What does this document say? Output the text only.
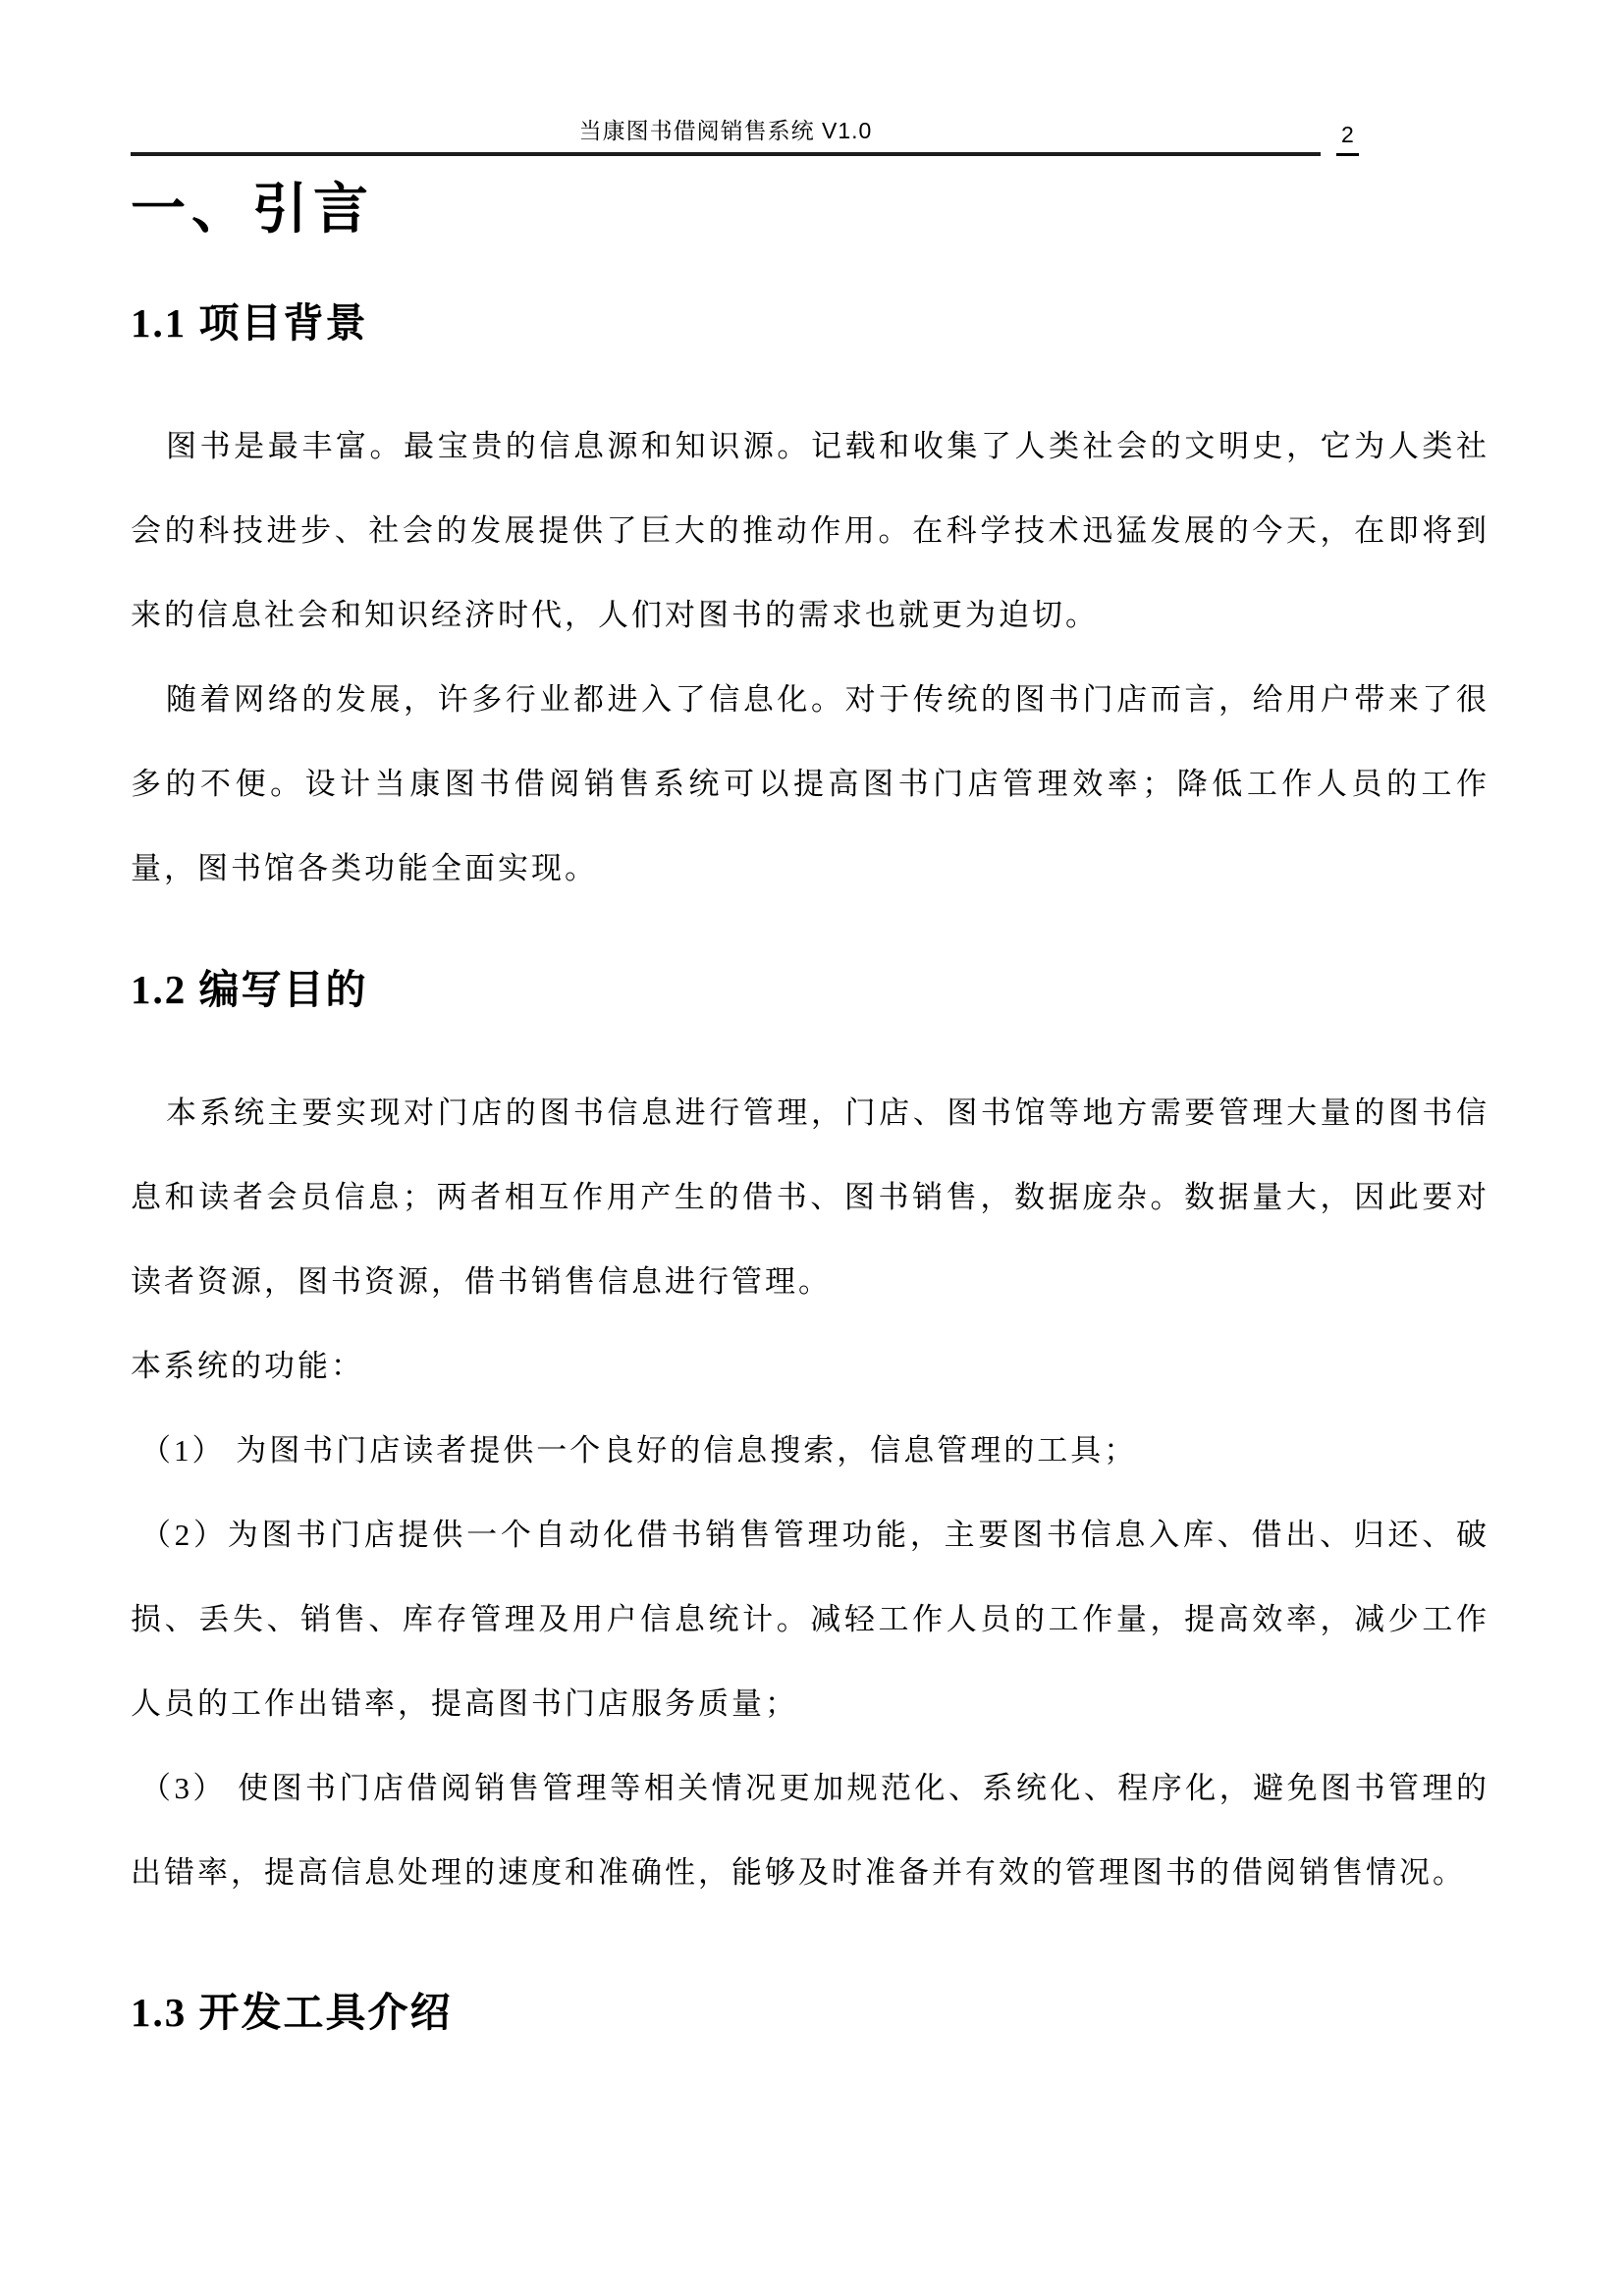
当康图书借阅销售系统 V1.0	2
一、引言
1.1 项目背景

图书是最丰富。最宝贵的信息源和知识源。记载和收集了人类社会的文明史，它为人类社会的科技进步、社会的发展提供了巨大的推动作用。在科学技术迅猛发展的今天，在即将到来的信息社会和知识经济时代，人们对图书的需求也就更为迫切。

随着网络的发展，许多行业都进入了信息化。对于传统的图书门店而言，给用户带来了很多的不便。设计当康图书借阅销售系统可以提高图书门店管理效率；降低工作人员的工作量，图书馆各类功能全面实现。

1.2 编写目的

本系统主要实现对门店的图书信息进行管理，门店、图书馆等地方需要管理大量的图书信息和读者会员信息；两者相互作用产生的借书、图书销售，数据庞杂。数据量大，因此要对读者资源，图书资源，借书销售信息进行管理。

本系统的功能：

（1） 为图书门店读者提供一个良好的信息搜索，信息管理的工具；

（2）为图书门店提供一个自动化借书销售管理功能，主要图书信息入库、借出、归还、破损、丢失、销售、库存管理及用户信息统计。减轻工作人员的工作量，提高效率，减少工作人员的工作出错率，提高图书门店服务质量；

（3） 使图书门店借阅销售管理等相关情况更加规范化、系统化、程序化，避免图书管理的出错率，提高信息处理的速度和准确性，能够及时准备并有效的管理图书的借阅销售情况。

1.3 开发工具介绍
